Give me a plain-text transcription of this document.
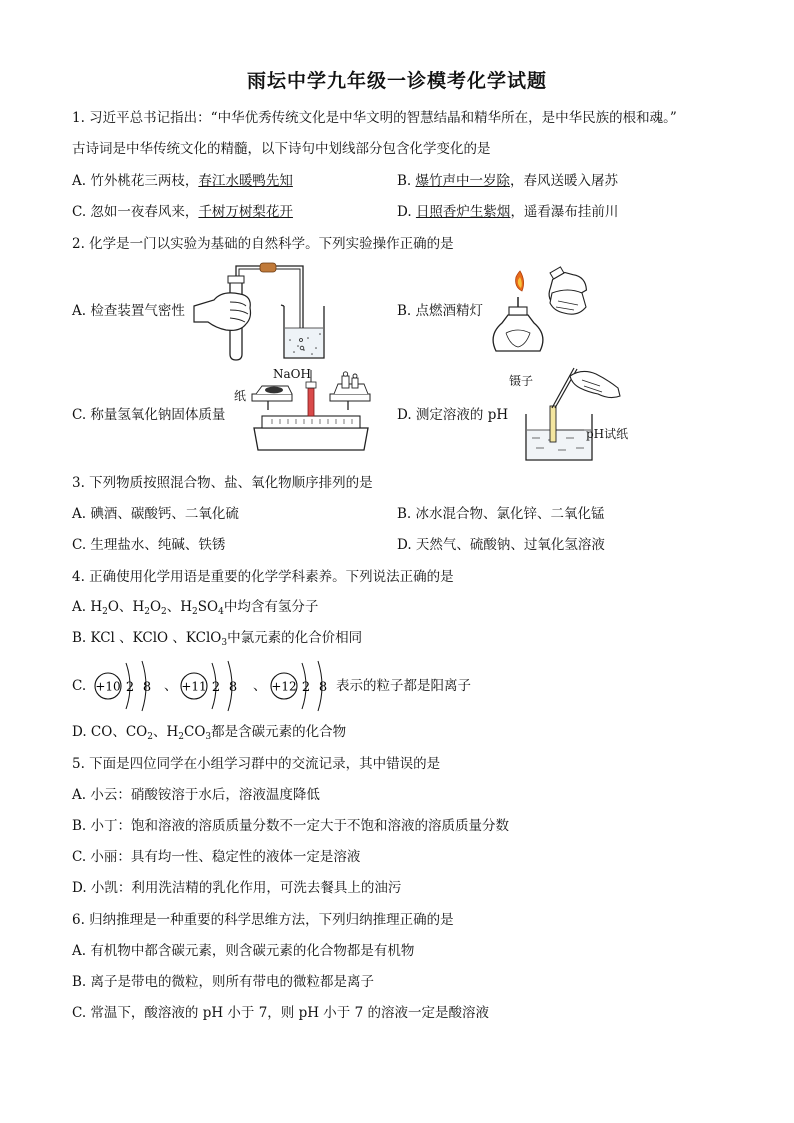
雨坛中学九年级一诊模考化学试题
1. 习近平总书记指出：“中华优秀传统文化是中华文明的智慧结晶和精华所在，是中华民族的根和魂。”
古诗词是中华传统文化的精髓，以下诗句中划线部分包含化学变化的是
A. 竹外桃花三两枝，春江水暖鸭先知	B. 爆竹声中一岁除，春风送暖入屠苏
C. 忽如一夜春风来，千树万树梨花开	D. 日照香炉生紫烟，遥看瀑布挂前川
2. 化学是一门以实验为基础的自然科学。下列实验操作正确的是
A. 检查装置气密性	B. 点燃酒精灯
C. 称量氢氧化钠固体质量	D. 测定溶液的 pH
NaOH
纸
镊子
pH试纸
3. 下列物质按照混合物、盐、氧化物顺序排列的是
A. 碘酒、碳酸钙、二氧化硫	B. 冰水混合物、氯化锌、二氧化锰
C. 生理盐水、纯碱、铁锈	D. 天然气、硫酸钠、过氧化氢溶液
4. 正确使用化学用语是重要的化学学科素养。下列说法正确的是
A. $H_2O$、$H_2O_2$、$H_2SO_4$中均含有氢分子
B. KCl 、KClO 、KClO$_3$中氯元素的化合价相同
C. +10 2 8 、 +11 2 8 、 +12 2 8 表示的粒子都是阳离子
D. CO、$CO_2$、$H_2CO_3$都是含碳元素的化合物
5. 下面是四位同学在小组学习群中的交流记录，其中错误的是
A. 小云：硝酸铵溶于水后，溶液温度降低
B. 小丁：饱和溶液的溶质质量分数不一定大于不饱和溶液的溶质质量分数
C. 小丽：具有均一性、稳定性的液体一定是溶液
D. 小凯：利用洗洁精的乳化作用，可洗去餐具上的油污
6. 归纳推理是一种重要的科学思维方法，下列归纳推理正确的是
A. 有机物中都含碳元素，则含碳元素的化合物都是有机物
B. 离子是带电的微粒，则所有带电的微粒都是离子
C. 常温下，酸溶液的 pH 小于 7，则 pH 小于 7 的溶液一定是酸溶液
